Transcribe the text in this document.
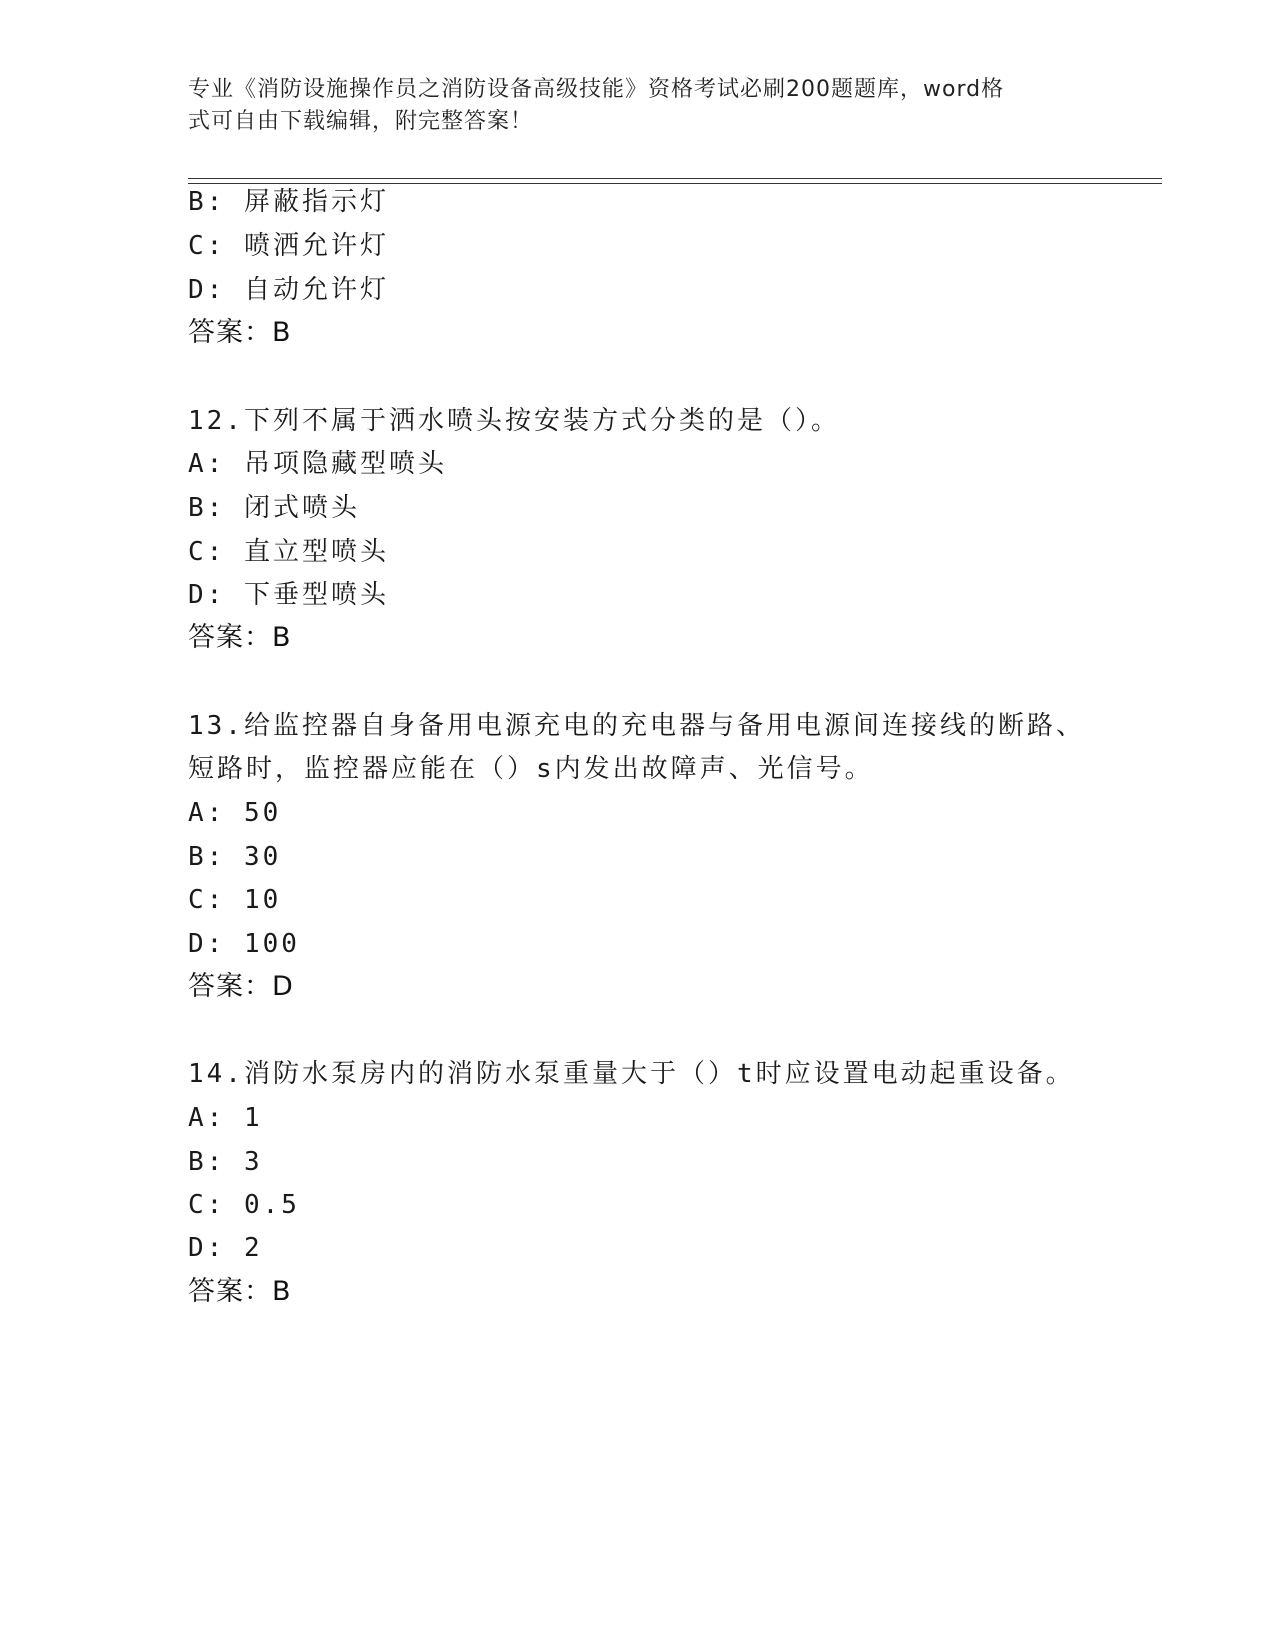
专业《消防设施操作员之消防设备高级技能》资格考试必刷200题题库，word格
式可自由下载编辑，附完整答案！
B: 屏蔽指示灯
C: 喷洒允许灯
D: 自动允许灯
答案：B
12.下列不属于洒水喷头按安装方式分类的是（）。
A: 吊项隐藏型喷头
B: 闭式喷头
C: 直立型喷头
D: 下垂型喷头
答案：B
13.给监控器自身备用电源充电的充电器与备用电源间连接线的断路、
短路时，监控器应能在（）s内发出故障声、光信号。
A: 50
B: 30
C: 10
D: 100
答案：D
14.消防水泵房内的消防水泵重量大于（）t时应设置电动起重设备。
A: 1
B: 3
C: 0.5
D: 2
答案：B
